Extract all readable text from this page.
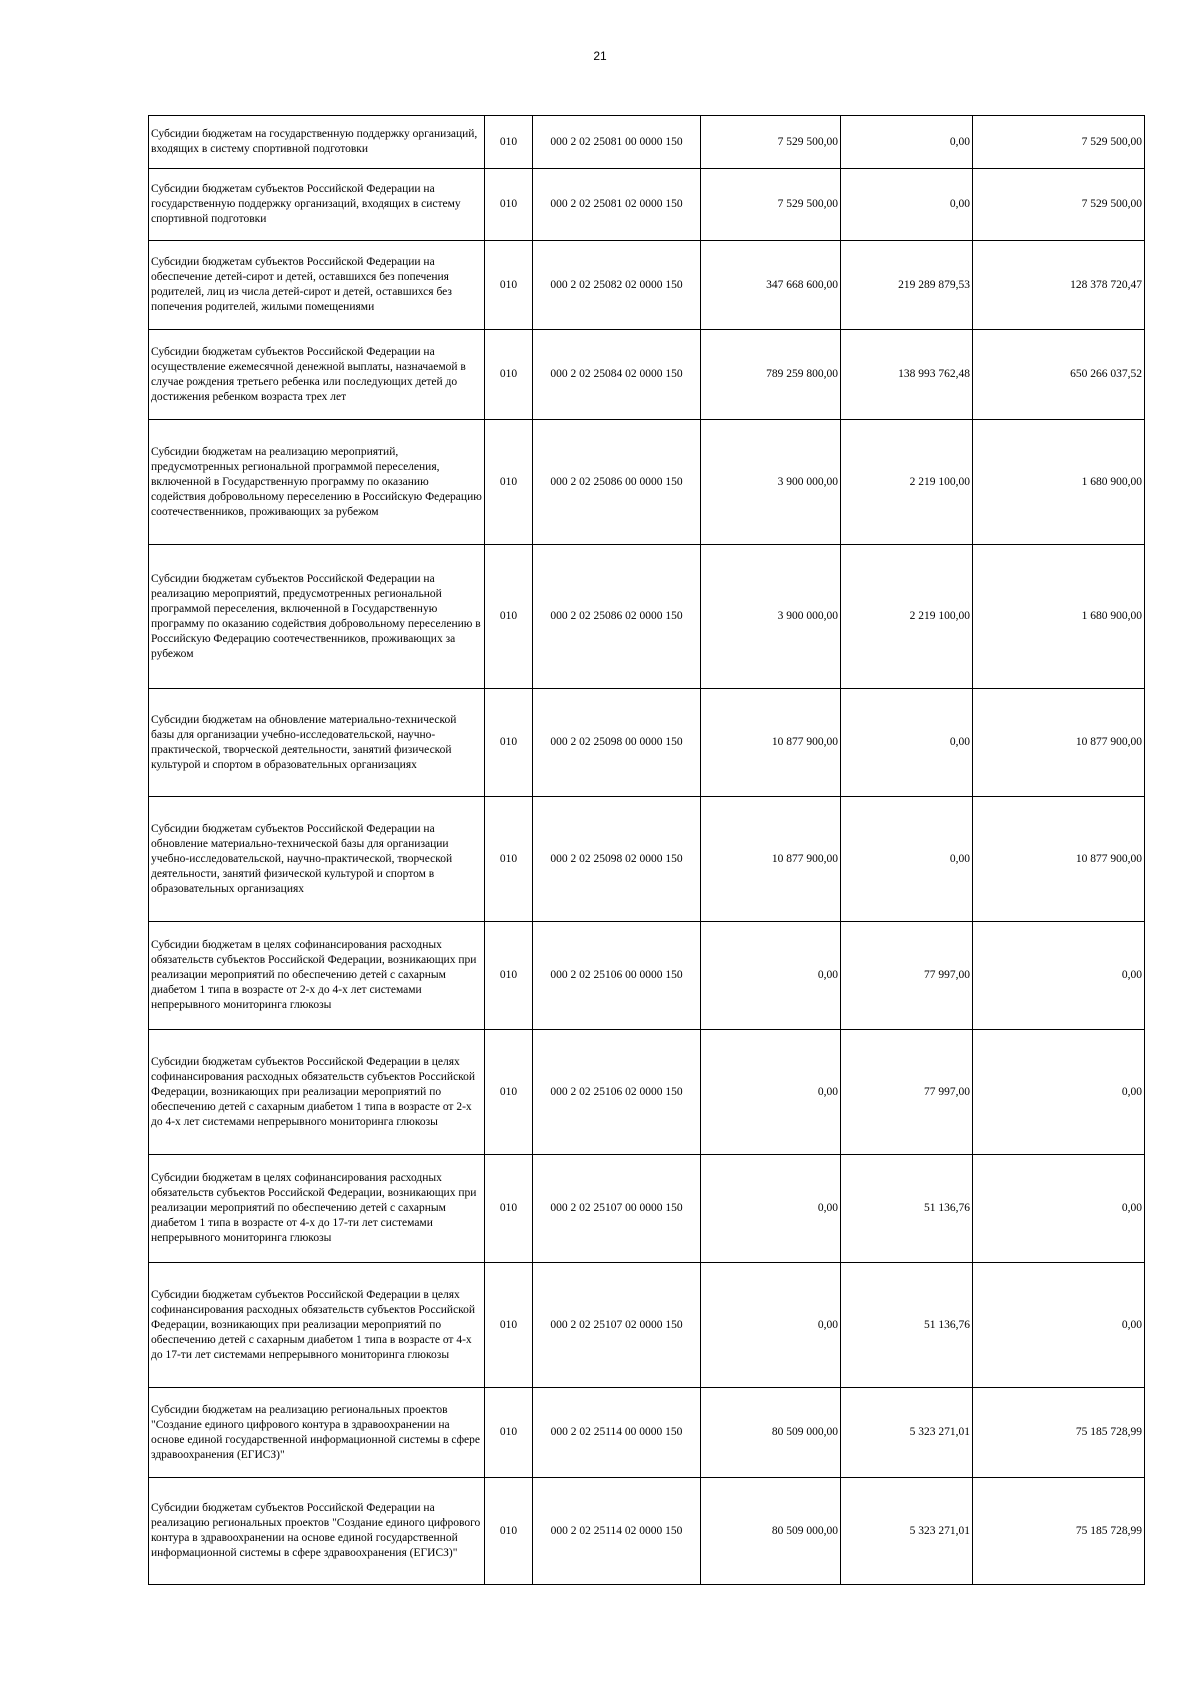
21
Субсидии бюджетам на государственную поддержку организаций, входящих в систему спортивной подготовки	010	000 2 02 25081 00 0000 150	7 529 500,00	0,00	7 529 500,00
Субсидии бюджетам субъектов Российской Федерации на государственную поддержку организаций, входящих в систему спортивной подготовки	010	000 2 02 25081 02 0000 150	7 529 500,00	0,00	7 529 500,00
Субсидии бюджетам субъектов Российской Федерации на обеспечение детей-сирот и детей, оставшихся без попечения родителей, лиц из числа детей-сирот и детей, оставшихся без попечения родителей, жилыми помещениями	010	000 2 02 25082 02 0000 150	347 668 600,00	219 289 879,53	128 378 720,47
Субсидии бюджетам субъектов Российской Федерации на осуществление ежемесячной денежной выплаты, назначаемой в случае рождения третьего ребенка или последующих детей до достижения ребенком возраста трех лет	010	000 2 02 25084 02 0000 150	789 259 800,00	138 993 762,48	650 266 037,52
Субсидии бюджетам на реализацию мероприятий, предусмотренных региональной программой переселения, включенной в Государственную программу по оказанию содействия добровольному переселению в Российскую Федерацию соотечественников, проживающих за рубежом	010	000 2 02 25086 00 0000 150	3 900 000,00	2 219 100,00	1 680 900,00
Субсидии бюджетам субъектов Российской Федерации на реализацию мероприятий, предусмотренных региональной программой переселения, включенной в Государственную программу по оказанию содействия добровольному переселению в Российскую Федерацию соотечественников, проживающих за рубежом	010	000 2 02 25086 02 0000 150	3 900 000,00	2 219 100,00	1 680 900,00
Субсидии бюджетам на обновление материально-технической базы для организации учебно-исследовательской, научно-практической, творческой деятельности, занятий физической культурой и спортом в образовательных организациях	010	000 2 02 25098 00 0000 150	10 877 900,00	0,00	10 877 900,00
Субсидии бюджетам субъектов Российской Федерации на обновление материально-технической базы для организации учебно-исследовательской, научно-практической, творческой деятельности, занятий физической культурой и спортом в образовательных организациях	010	000 2 02 25098 02 0000 150	10 877 900,00	0,00	10 877 900,00
Субсидии бюджетам в целях софинансирования расходных обязательств субъектов Российской Федерации, возникающих при реализации мероприятий по обеспечению детей с сахарным диабетом 1 типа в возрасте от 2-х до 4-х лет системами непрерывного мониторинга глюкозы	010	000 2 02 25106 00 0000 150	0,00	77 997,00	0,00
Субсидии бюджетам субъектов Российской Федерации в целях софинансирования расходных обязательств субъектов Российской Федерации, возникающих при реализации мероприятий по обеспечению детей с сахарным диабетом 1 типа в возрасте от 2-х до 4-х лет системами непрерывного мониторинга глюкозы	010	000 2 02 25106 02 0000 150	0,00	77 997,00	0,00
Субсидии бюджетам в целях софинансирования расходных обязательств субъектов Российской Федерации, возникающих при реализации мероприятий по обеспечению детей с сахарным диабетом 1 типа в возрасте от 4-х до 17-ти лет системами непрерывного мониторинга глюкозы	010	000 2 02 25107 00 0000 150	0,00	51 136,76	0,00
Субсидии бюджетам субъектов Российской Федерации в целях софинансирования расходных обязательств субъектов Российской Федерации, возникающих при реализации мероприятий по обеспечению детей с сахарным диабетом 1 типа в возрасте от 4-х до 17-ти лет системами непрерывного мониторинга глюкозы	010	000 2 02 25107 02 0000 150	0,00	51 136,76	0,00
Субсидии бюджетам на реализацию региональных проектов "Создание единого цифрового контура в здравоохранении на основе единой государственной информационной системы в сфере здравоохранения (ЕГИСЗ)"	010	000 2 02 25114 00 0000 150	80 509 000,00	5 323 271,01	75 185 728,99
Субсидии бюджетам субъектов Российской Федерации на реализацию региональных проектов "Создание единого цифрового контура в здравоохранении на основе единой государственной информационной системы в сфере здравоохранения (ЕГИСЗ)"	010	000 2 02 25114 02 0000 150	80 509 000,00	5 323 271,01	75 185 728,99
